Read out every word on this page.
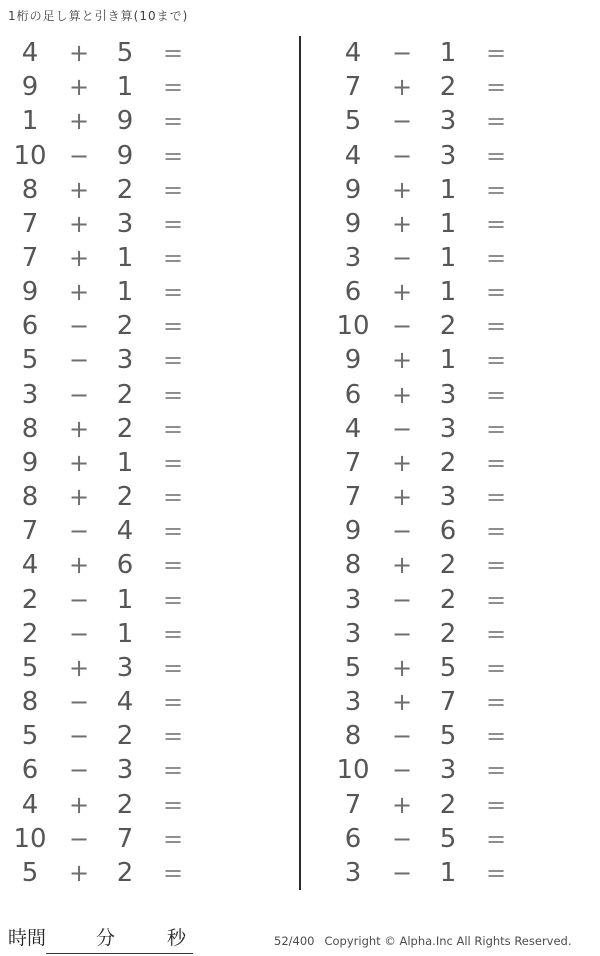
1桁の足し算と引き算(10まで)
4	+	5	=
9	+	1	=
1	+	9	=
10 −	9	=
8	+	2	=
7	+	3	=
7	+	1	=
9	+	1	=
6	−	2	=
5	−	3	=
3	−	2	=
8	+	2	=
9	+	1	=
8	+	2	=
7	−	4	=
4	+	6	=
2	−	1	=
2	−	1	=
5	+	3	=
8	−	4	=
5	−	2	=
6	−	3	=
4	+	2	=
10 −	7	=
5	+	2	=
4	−	1	=
7	+	2	=
5	−	3	=
4	−	3	=
9	+	1	=
9	+	1	=
3	−	1	=
6	+	1	=
10 −	2	=
9	+	1	=
6	+	3	=
4	−	3	=
7	+	2	=
7	+	3	=
9	−	6	=
8	+	2	=
3	−	2	=
3	−	2	=
5	+	5	=
3	+	7	=
8	−	5	=
10 −	3	=
7	+	2	=
6	−	5	=
3	−	1	=
時間	分	秒	52/400 Copyright © Alpha.Inc All Rights Reserved.
